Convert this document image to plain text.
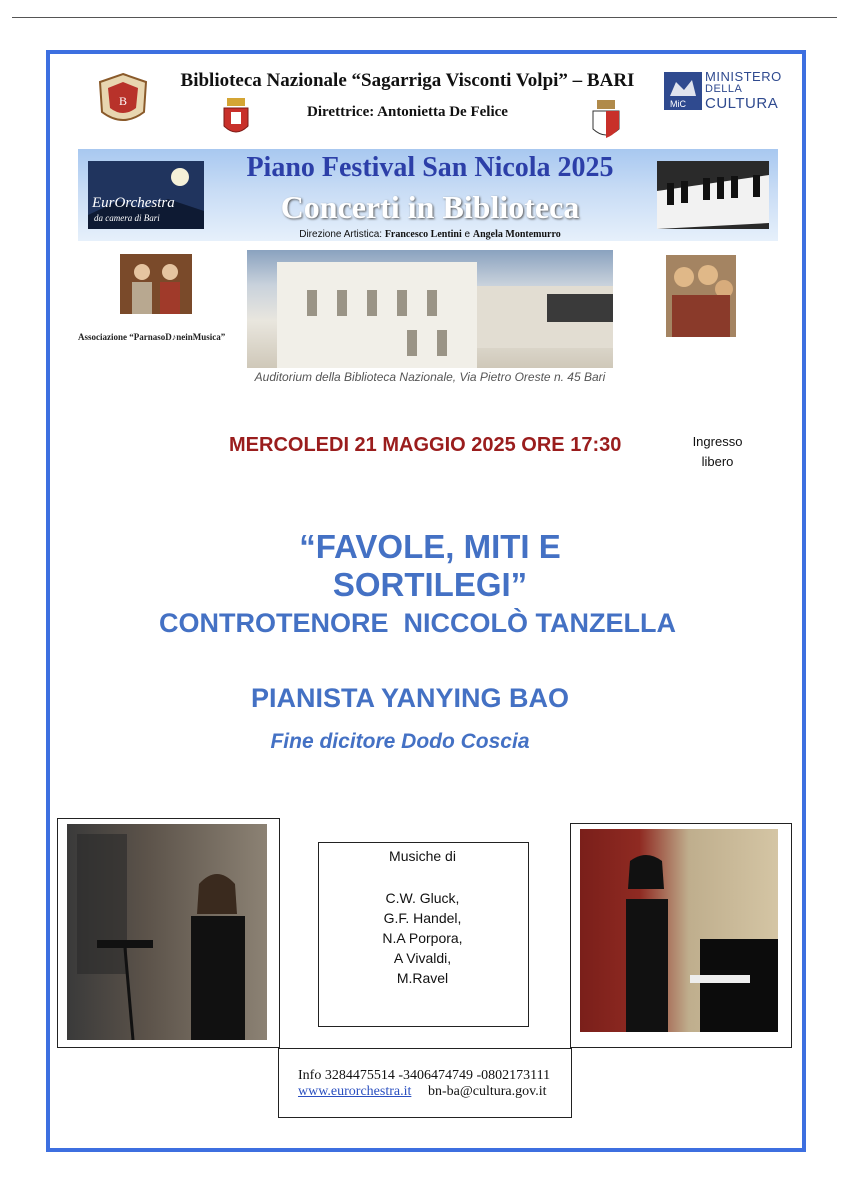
B
Biblioteca Nazionale “Sagarriga Visconti Volpi” – BARI
Direttrice: Antonietta De Felice	MiC
MINISTERO
DELLA
CULTURA
EurOrchestra
da camera di Bari
Piano Festival San Nicola 2025
Concerti in Biblioteca
Direzione Artistica: Francesco Lentini e Angela Montemurro
Associazione “ParnasoD♪neinMusica”
Auditorium della Biblioteca Nazionale, Via Pietro Oreste n. 45 Bari
MERCOLEDI 21 MAGGIO 2025 ORE 17:30	Ingresso
libero
“FAVOLE, MITI E SORTILEGI”
CONTROTENORE  NICCOLÒ TANZELLA
PIANISTA YANYING BAO
Fine dicitore Dodo Coscia
Musiche di
C.W. Gluck,
G.F. Handel,
N.A Porpora,
A Vivaldi,
M.Ravel
Info 3284475514 -3406474749 -0802173111
www.eurorchestra.it bn-ba@cultura.gov.it
